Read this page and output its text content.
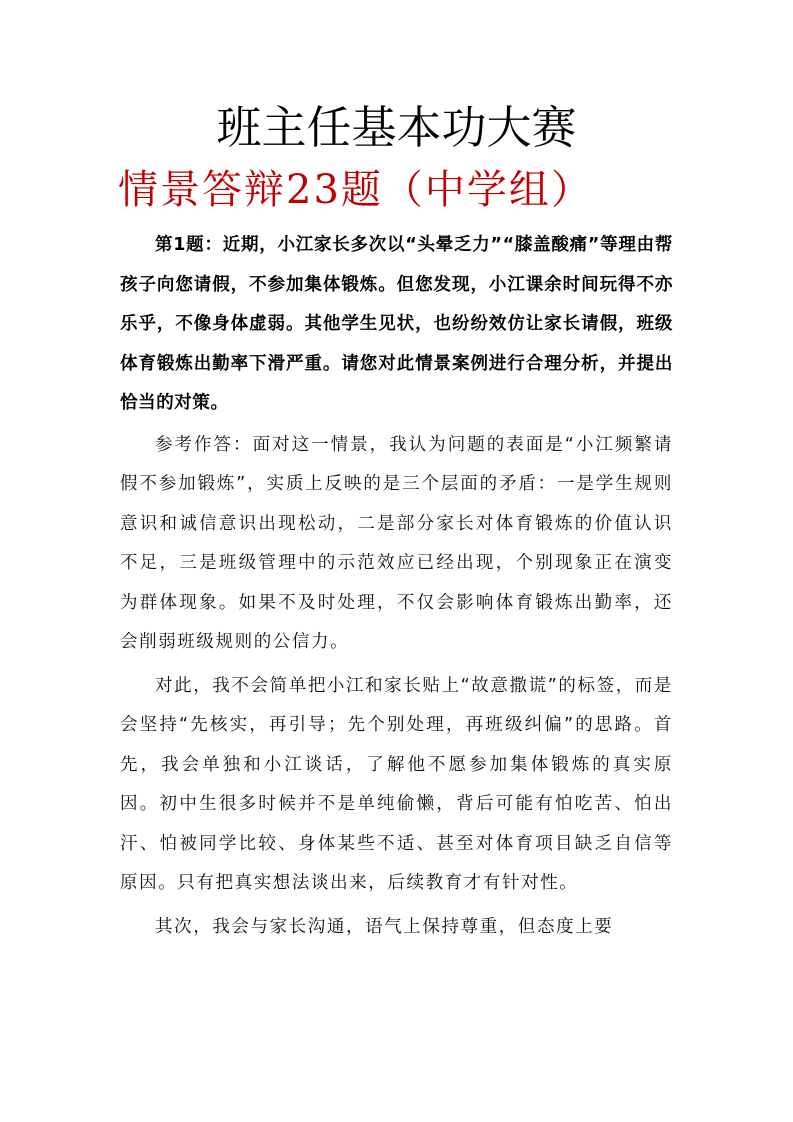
班主任基本功大赛
情景答辩23题（中学组）

第1题：近期，小江家长多次以“头晕乏力”“膝盖酸痛”等理由帮孩子向您请假，不参加集体锻炼。但您发现，小江课余时间玩得不亦乐乎，不像身体虚弱。其他学生见状，也纷纷效仿让家长请假，班级体育锻炼出勤率下滑严重。请您对此情景案例进行合理分析，并提出恰当的对策。

参考作答：面对这一情景，我认为问题的表面是“小江频繁请假不参加锻炼”，实质上反映的是三个层面的矛盾：一是学生规则意识和诚信意识出现松动，二是部分家长对体育锻炼的价值认识不足，三是班级管理中的示范效应已经出现，个别现象正在演变为群体现象。如果不及时处理，不仅会影响体育锻炼出勤率，还会削弱班级规则的公信力。

对此，我不会简单把小江和家长贴上“故意撒谎”的标签，而是会坚持“先核实，再引导；先个别处理，再班级纠偏”的思路。首先，我会单独和小江谈话，了解他不愿参加集体锻炼的真实原因。初中生很多时候并不是单纯偷懒，背后可能有怕吃苦、怕出汗、怕被同学比较、身体某些不适、甚至对体育项目缺乏自信等原因。只有把真实想法谈出来，后续教育才有针对性。

其次，我会与家长沟通，语气上保持尊重，但态度上要
